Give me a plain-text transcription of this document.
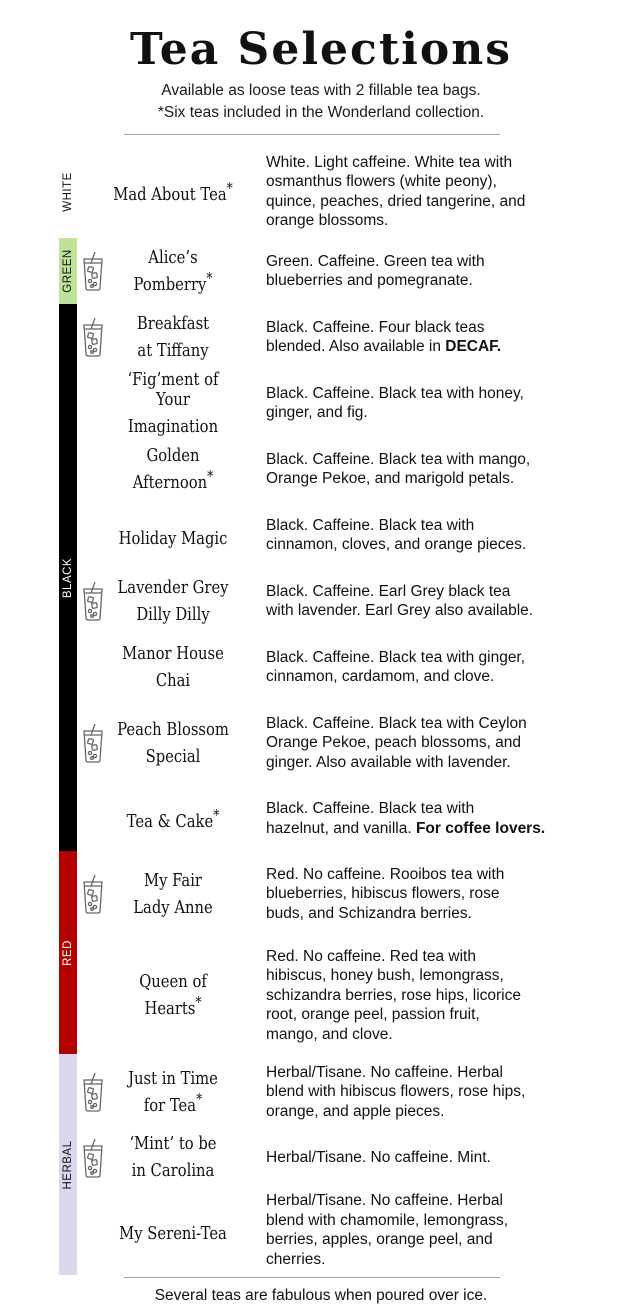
Tea Selections
Available as loose teas with 2 fillable tea bags.
*Six teas included in the Wonderland collection.
WHITE
GREEN
BLACK
RED
HERBAL
Mad About Tea*
White. Light caffeine. White tea with
osmanthus flowers (white peony),
quince, peaches, dried tangerine, and
orange blossoms.
Alice’s Pomberry*
Green. Caffeine. Green tea with
blueberries and pomegranate.
Breakfast
at Tiffany
Black. Caffeine. Four black teas
blended. Also available in DECAF.
‘Fig’ment of
Your Imagination
Black. Caffeine. Black tea with honey,
ginger, and fig.
Golden Afternoon*
Black. Caffeine. Black tea with mango,
Orange Pekoe, and marigold petals.
Holiday Magic
Black. Caffeine. Black tea with
cinnamon, cloves, and orange pieces.
Lavender Grey
Dilly Dilly
Black. Caffeine. Earl Grey black tea
with lavender. Earl Grey also available.
Manor House Chai
Black. Caffeine. Black tea with ginger,
cinnamon, cardamom, and clove.
Peach Blossom
Special
Black. Caffeine. Black tea with Ceylon
Orange Pekoe, peach blossoms, and
ginger. Also available with lavender.
Tea & Cake*	Black. Caffeine. Black tea with
hazelnut, and vanilla. For coffee lovers.
My Fair
Lady Anne
Red. No caffeine. Rooibos tea with
blueberries, hibiscus flowers, rose
buds, and Schizandra berries.
Queen of Hearts*
Red. No caffeine. Red tea with
hibiscus, honey bush, lemongrass,
schizandra berries, rose hips, licorice
root, orange peel, passion fruit,
mango, and clove.
Just in Time
for Tea*
Herbal/Tisane. No caffeine. Herbal
blend with hibiscus flowers, rose hips,
orange, and apple pieces.
‘Mint’ to be
in Carolina
Herbal/Tisane. No caffeine. Mint.
My Sereni-Tea
Herbal/Tisane. No caffeine. Herbal
blend with chamomile, lemongrass,
berries, apples, orange peel, and
cherries.
Several teas are fabulous when poured over ice.
